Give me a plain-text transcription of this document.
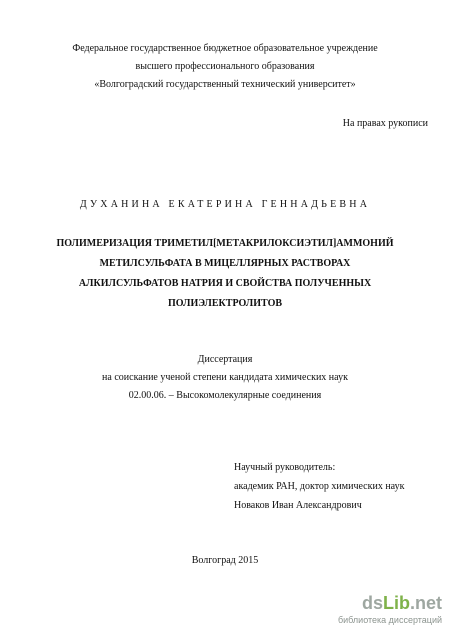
Федеральное государственное бюджетное образовательное учреждение
высшего профессионального образования
«Волгоградский государственный технический университет»
На правах рукописи
ДУХАНИНА ЕКАТЕРИНА ГЕННАДЬЕВНА
ПОЛИМЕРИЗАЦИЯ ТРИМЕТИЛ[МЕТАКРИЛОКСИЭТИЛ]АММОНИЙ
МЕТИЛСУЛЬФАТА В МИЦЕЛЛЯРНЫХ РАСТВОРАХ
АЛКИЛСУЛЬФАТОВ НАТРИЯ И СВОЙСТВА ПОЛУЧЕННЫХ
ПОЛИЭЛЕКТРОЛИТОВ
Диссертация
на соискание ученой степени кандидата химических наук
02.00.06. – Высокомолекулярные соединения
Научный руководитель:
академик РАН, доктор химических наук
Новаков Иван Александрович
Волгоград 2015
dsLib.net
библиотека диссертаций
